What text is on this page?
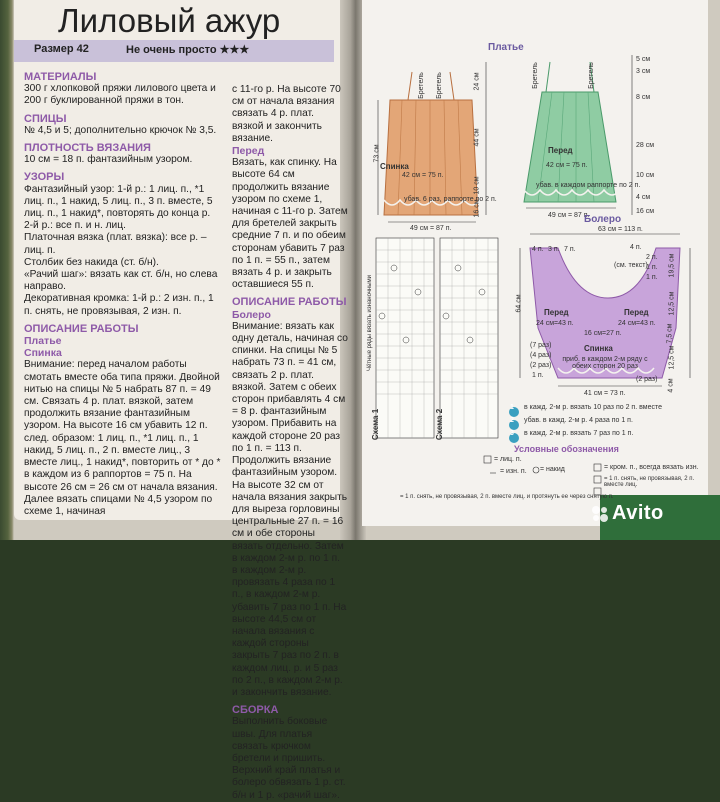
Лиловый ажур
Размер 42	Не очень просто ★★★
МАТЕРИАЛЫ

300 г хлопковой пряжи лилового цвета и 200 г буклированной пряжи в тон.

СПИЦЫ

№ 4,5 и 5; дополнительно крючок № 3,5.

ПЛОТНОСТЬ ВЯЗАНИЯ

10 см = 18 п. фантазийным узором.

УЗОРЫ

Фантазийный узор: 1-й р.: 1 лиц. п., *1 лиц. п., 1 накид, 5 лиц. п., 3 п. вместе, 5 лиц. п., 1 накид*, повторять до конца р. 2-й р.: все п. и н. лиц.

Платочная вязка (плат. вязка): все р. – лиц. п.

Столбик без накида (ст. б/н).

«Рачий шаг»: вязать как ст. б/н, но слева направо.

Декоративная кромка: 1-й р.: 2 изн. п., 1 п. снять, не провязывая, 2 изн. п.

ОПИСАНИЕ РАБОТЫ
Платье
Спинка

Внимание: перед началом работы смотать вместе оба типа пряжи. Двойной нитью на спицы № 5 набрать 87 п. = 49 см. Связать 4 р. плат. вязкой, затем продолжить вязание фантазийным узором. На высоте 16 см убавить 12 п. след. образом: 1 лиц. п., *1 лиц. п., 1 накид, 5 лиц. п., 2 п. вместе лиц., 3 вместе лиц., 1 накид*, повторить от * до * в каждом из 6 раппортов = 75 п. На высоте 26 см = 26 см от начала вязания. Далее вязать спицами № 4,5 узором по схеме 1, начиная

с 11-го р. На высоте 70 см от начала вязания связать 4 р. плат. вязкой и закончить вязание.

Перед

Вязать, как спинку. На высоте 64 см продолжить вязание узором по схеме 1, начиная с 11-го р. Затем для бретелей закрыть средние 7 п. и по обеим сторонам убавить 7 раз по 1 п. = 55 п., затем вязать 4 р. и закрыть оставшиеся 55 п.

ОПИСАНИЕ РАБОТЫ
Болеро

Внимание: вязать как одну деталь, начиная со спинки. На спицы № 5 набрать 73 п. = 41 см, связать 2 р. плат. вязкой. Затем с обеих сторон прибавлять 4 см = 8 р. фантазийным узором. Прибавить на каждой стороне 20 раз по 1 п. = 113 п. Продолжить вязание фантазийным узором. На высоте 32 см от начала вязания закрыть для выреза горловины центральные 27 п. = 16 см и обе стороны вязать отдельно. Затем в каждом 2-м р. по 1 п. в каждом 2-м р. провязать 4 раза по 1 п., в каждом 2-м р. убавить 7 раз по 1 п. На высоте 44,5 см от начала вязания с каждой стороны закрыть 7 раз по 2 п. в каждом лиц. р. и 5 раз по 2 п., в каждом 2-м р. и закончить вязание.

СБОРКА

Выполнить боковые швы. Для платья связать крючком бретели и пришить. Верхний край платья и болеро обвязать 1 р. ст. б/н и 1 р. «рачий шаг».

Платье
Спинка
42 см = 75 п.
убав. 6 раз, раппорте по 2 п.
49 см = 87 п.
73 см
Бретель Бретель	24 см
44 см
10 см
16 см
Перед
42 см = 75 п.
убав. в каждом раппорте по 2 п.
49 см = 87 п.
Бретель	Бретель
5 см
3 см
8 см
28 см
10 см
4 см
16 см
Болеро
63 см = 113 п.
(см. текст)
Перед	Перед
24 см=43 п.	24 см=43 п.
16 см=27 п.
Спинка
приб. в каждом 2-м ряду с обеих сторон 20 раз
41 см = 73 п.
64 см
1 п.
4 п. 3 п. 7 п.
19,5 см
12,5 см
7,5 см
12,5 см
4 см
4 п.
2 п.
1 п.
1 п.
(7 раз)
(4 раз)
(2 раз)
(2 раз)
Схема 1	Схема 2
Чётные ряды вязать изнаночными
1
2
3
в кажд. 2-м р. вязать 10 раз по 2 п. вместе
убав. в кажд. 2-м р. 4 раза по 1 п.
в кажд. 2-м р. вязать 7 раз по 1 п.
Условные обозначения
= лиц. п.
= изн. п. = накид	= кром. п., всегда вязать изн.
= 1 п. снять, не провязывая, 2 п. вместе лиц.
= 1 п. снять, не провязывая, 2 п. вместе лиц. и протянуть ее через снятую п.
Avito
